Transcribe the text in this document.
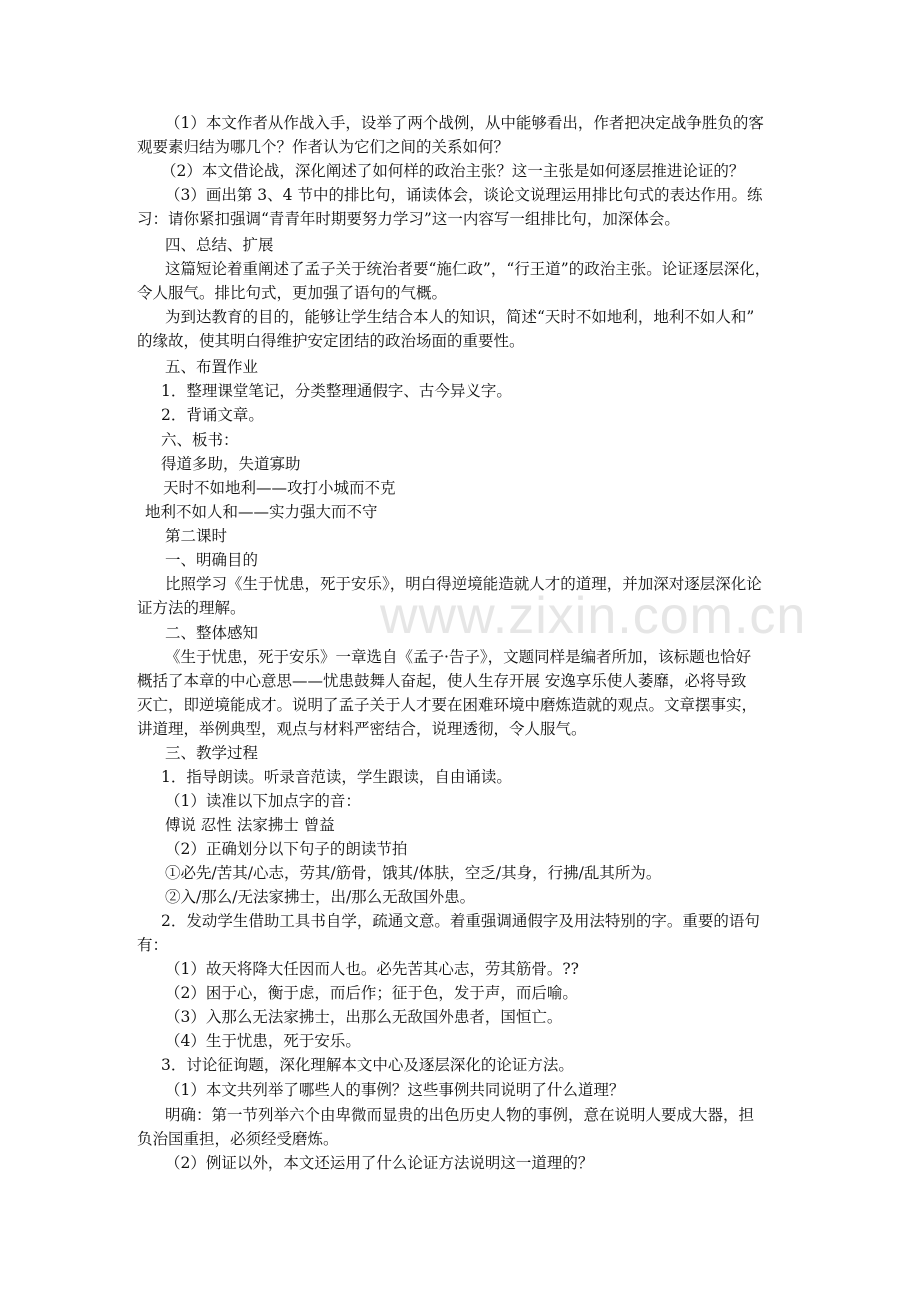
www.zixin.com.cn
（1）本文作者从作战入手，设举了两个战例，从中能够看出，作者把决定战争胜负的客
观要素归结为哪几个？作者认为它们之间的关系如何？
（2）本文借论战，深化阐述了如何样的政治主张？这一主张是如何逐层推进论证的？
（3）画出第 3、4 节中的排比句，诵读体会，谈论文说理运用排比句式的表达作用。练
习：请你紧扣强调“青青年时期要努力学习”这一内容写一组排比句，加深体会。
四、总结、扩展
这篇短论着重阐述了孟子关于统治者要“施仁政”，“行王道”的政治主张。论证逐层深化，
令人服气。排比句式，更加强了语句的气概。
为到达教育的目的，能够让学生结合本人的知识，简述“天时不如地利，地利不如人和”
的缘故，使其明白得维护安定团结的政治场面的重要性。
五、布置作业
1．整理课堂笔记，分类整理通假字、古今异义字。
2．背诵文章。
六、板书：
得道多助，失道寡助
天时不如地利——攻打小城而不克
地利不如人和——实力强大而不守
第二课时
一、明确目的
比照学习《生于忧患，死于安乐》，明白得逆境能造就人才的道理，并加深对逐层深化论
证方法的理解。
二、整体感知
《生于忧患，死于安乐》一章选自《孟子·告子》，文题同样是编者所加，该标题也恰好
概括了本章的中心意思——忧患鼓舞人奋起，使人生存开展 安逸享乐使人萎靡，必将导致
灭亡，即逆境能成才。说明了孟子关于人才要在困难环境中磨炼造就的观点。文章摆事实，
讲道理，举例典型，观点与材料严密结合，说理透彻，令人服气。
三、教学过程
1．指导朗读。听录音范读，学生跟读，自由诵读。
（1）读准以下加点字的音：
傅说 忍性 法家拂士 曾益
（2）正确划分以下句子的朗读节拍
①必先/苦其/心志，劳其/筋骨，饿其/体肤，空乏/其身，行拂/乱其所为。
②入/那么/无法家拂士，出/那么无敌国外患。
2．发动学生借助工具书自学，疏通文意。着重强调通假字及用法特别的字。重要的语句
有：
（1）故天将降大任因而人也。必先苦其心志，劳其筋骨。??
（2）困于心，衡于虑，而后作；征于色，发于声，而后喻。
（3）入那么无法家拂士，出那么无敌国外患者，国恒亡。
（4）生于忧患，死于安乐。
3．讨论征询题，深化理解本文中心及逐层深化的论证方法。
（1）本文共列举了哪些人的事例？这些事例共同说明了什么道理？
明确：第一节列举六个由卑微而显贵的出色历史人物的事例，意在说明人要成大器，担
负治国重担，必须经受磨炼。
（2）例证以外，本文还运用了什么论证方法说明这一道理的？
